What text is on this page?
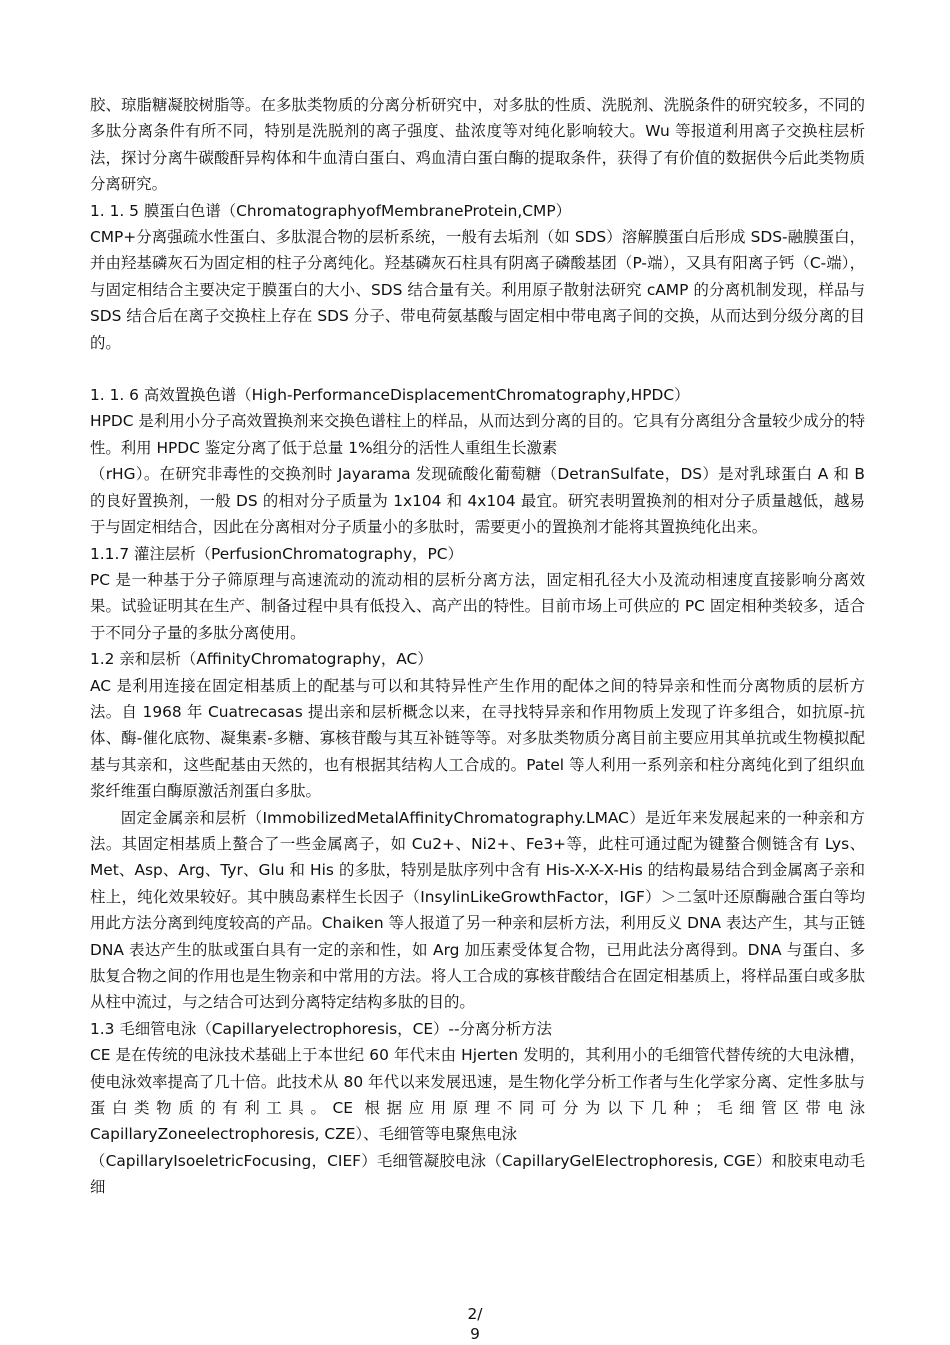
胶、琼脂糖凝胶树脂等。在多肽类物质的分离分析研究中，对多肽的性质、洗脱剂、洗脱条件的研究较多，不同的多肽分离条件有所不同，特别是洗脱剂的离子强度、盐浓度等对纯化影响较大。Wu 等报道利用离子交换柱层析法，探讨分离牛碳酸酐异构体和牛血清白蛋白、鸡血清白蛋白酶的提取条件，获得了有价值的数据供今后此类物质分离研究。

1. 1. 5 膜蛋白色谱（ChromatographyofMembraneProtein,CMP）

CMP+分离强疏水性蛋白、多肽混合物的层析系统，一般有去垢剂（如 SDS）溶解膜蛋白后形成 SDS-融膜蛋白，并由羟基磷灰石为固定相的柱子分离纯化。羟基磷灰石柱具有阴离子磷酸基团（P-端），又具有阳离子钙（C-端），与固定相结合主要决定于膜蛋白的大小、SDS 结合量有关。利用原子散射法研究 cAMP 的分离机制发现，样品与 SDS 结合后在离子交换柱上存在 SDS 分子、带电荷氨基酸与固定相中带电离子间的交换，从而达到分级分离的目的。

1. 1. 6 高效置换色谱（High-PerformanceDisplacementChromatography,HPDC）

HPDC 是利用小分子高效置换剂来交换色谱柱上的样品，从而达到分离的目的。它具有分离组分含量较少成分的特性。利用 HPDC 鉴定分离了低于总量 1%组分的活性人重组生长激素

（rHG）。在研究非毒性的交换剂时 Jayarama 发现硫酸化葡萄糖（DetranSulfate，DS）是对乳球蛋白 A 和 B 的良好置换剂，一般 DS 的相对分子质量为 1x104 和 4x104 最宜。研究表明置换剂的相对分子质量越低，越易于与固定相结合，因此在分离相对分子质量小的多肽时，需要更小的置换剂才能将其置换纯化出来。

1.1.7 灌注层析（PerfusionChromatography，PC）

PC 是一种基于分子筛原理与高速流动的流动相的层析分离方法，固定相孔径大小及流动相速度直接影响分离效果。试验证明其在生产、制备过程中具有低投入、高产出的特性。目前市场上可供应的 PC 固定相种类较多，适合于不同分子量的多肽分离使用。

1.2 亲和层析（AffinityChromatography，AC）

AC 是利用连接在固定相基质上的配基与可以和其特异性产生作用的配体之间的特异亲和性而分离物质的层析方法。自 1968 年 Cuatrecasas 提出亲和层析概念以来，在寻找特异亲和作用物质上发现了许多组合，如抗原-抗体、酶-催化底物、凝集素-多糖、寡核苷酸与其互补链等等。对多肽类物质分离目前主要应用其单抗或生物模拟配基与其亲和，这些配基由天然的，也有根据其结构人工合成的。Patel 等人利用一系列亲和柱分离纯化到了组织血浆纤维蛋白酶原激活剂蛋白多肽。

固定金属亲和层析（ImmobilizedMetalAffinityChromatography.LMAC）是近年来发展起来的一种亲和方法。其固定相基质上螯合了一些金属离子，如 Cu2+、Ni2+、Fe3+等，此柱可通过配为键螯合侧链含有 Lys、Met、Asp、Arg、Tyr、Glu 和 His 的多肽，特别是肽序列中含有 His-X-X-X-His 的结构最易结合到金属离子亲和柱上，纯化效果较好。其中胰岛素样生长因子（InsylinLikeGrowthFactor，IGF）＞二氢叶还原酶融合蛋白等均用此方法分离到纯度较高的产品。Chaiken 等人报道了另一种亲和层析方法，利用反义 DNA 表达产生，其与正链 DNA 表达产生的肽或蛋白具有一定的亲和性，如 Arg 加压素受体复合物，已用此法分离得到。DNA 与蛋白、多肽复合物之间的作用也是生物亲和中常用的方法。将人工合成的寡核苷酸结合在固定相基质上，将样品蛋白或多肽从柱中流过，与之结合可达到分离特定结构多肽的目的。

1.3 毛细管电泳（Capillaryelectrophoresis，CE）--分离分析方法

CE 是在传统的电泳技术基础上于本世纪 60 年代末由 Hjerten 发明的，其利用小的毛细管代替传统的大电泳槽，使电泳效率提高了几十倍。此技术从 80 年代以来发展迅速，是生物化学分析工作者与生化学家分离、定性多肽与蛋白类物质的有利工具。CE 根据应用原理不同可分为以下几种；毛细管区带电泳 CapillaryZoneelectrophoresis, CZE）、毛细管等电聚焦电泳

（CapillaryIsoeletricFocusing，CIEF）毛细管凝胶电泳（CapillaryGelElectrophoresis, CGE）和胶束电动毛细

2/
9
